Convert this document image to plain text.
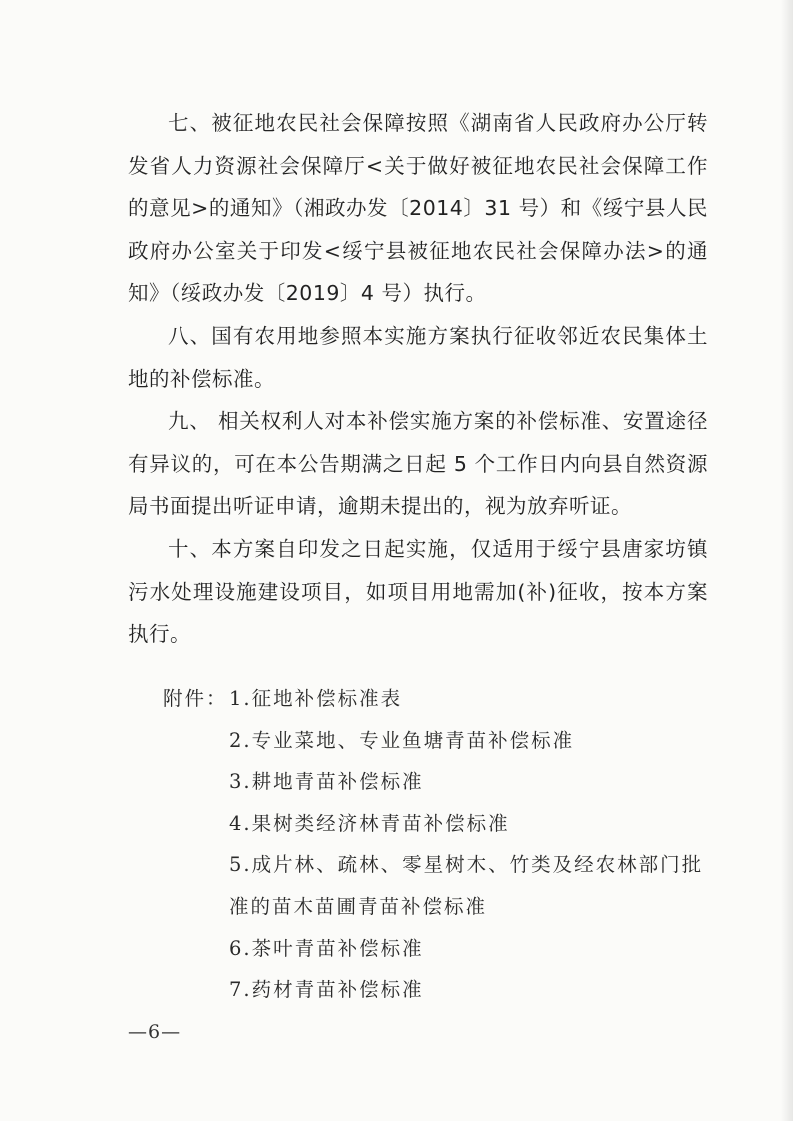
七、被征地农民社会保障按照《湖南省人民政府办公厅转发省人力资源社会保障厅<关于做好被征地农民社会保障工作的意见>的通知》（湘政办发〔2014〕31 号）和《绥宁县人民政府办公室关于印发<绥宁县被征地农民社会保障办法>的通知》（绥政办发〔2019〕4 号）执行。

八、国有农用地参照本实施方案执行征收邻近农民集体土地的补偿标准。

九、 相关权利人对本补偿实施方案的补偿标准、安置途径有异议的，可在本公告期满之日起 5 个工作日内向县自然资源局书面提出听证申请，逾期未提出的，视为放弃听证。

十、本方案自印发之日起实施，仅适用于绥宁县唐家坊镇污水处理设施建设项目，如项目用地需加(补)征收，按本方案执行。

附件：1.征地补偿标准表
2.专业菜地、专业鱼塘青苗补偿标准
3.耕地青苗补偿标准
4.果树类经济林青苗补偿标准
5.成片林、疏林、零星树木、竹类及经农林部门批
准的苗木苗圃青苗补偿标准
6.茶叶青苗补偿标准
7.药材青苗补偿标准
—6—
